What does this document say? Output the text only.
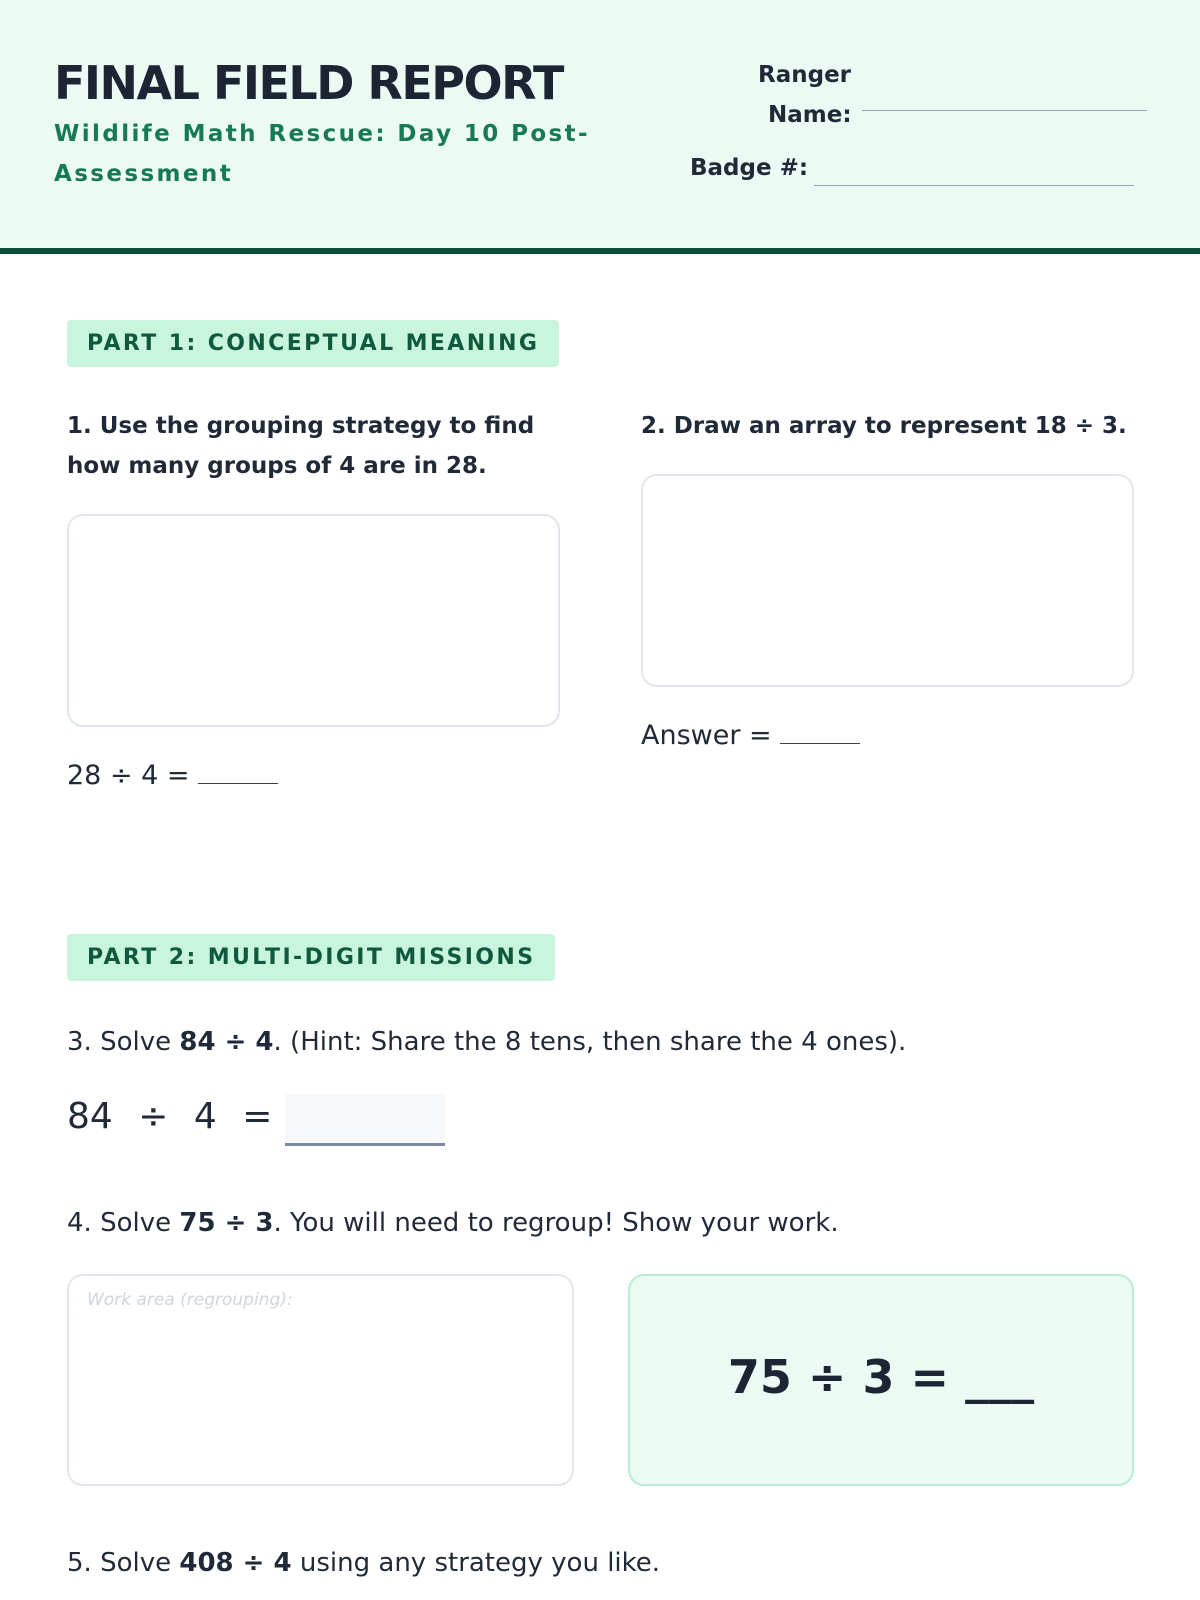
FINAL FIELD REPORT
Wildlife Math Rescue: Day 10 Post-Assessment
Ranger
Name:
Badge #:
PART 1: CONCEPTUAL MEANING
1. Use the grouping strategy to find how many groups of 4 are in 28.
28 ÷ 4 =
2. Draw an array to represent 18 ÷ 3.
Answer =
PART 2: MULTI-DIGIT MISSIONS
3. Solve 84 ÷ 4. (Hint: Share the 8 tens, then share the 4 ones).
84 ÷ 4 =
4. Solve 75 ÷ 3. You will need to regroup! Show your work.
Work area (regrouping):
75 ÷ 3 = ___
5. Solve 408 ÷ 4 using any strategy you like.
